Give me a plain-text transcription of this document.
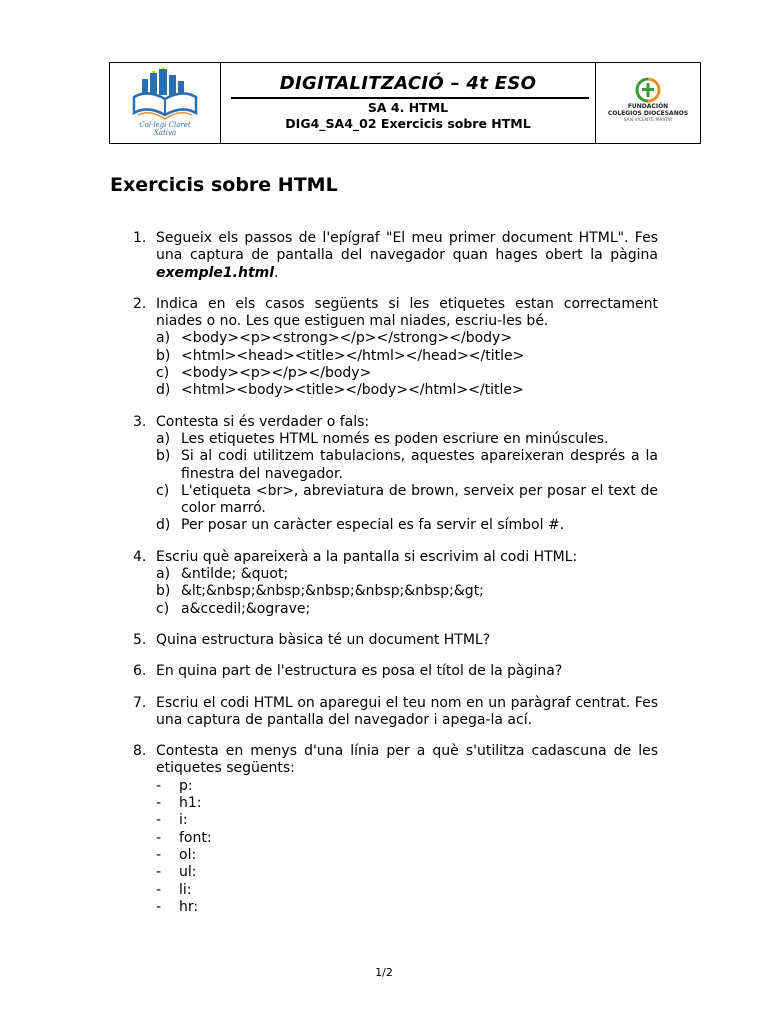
Col·legi Claret
Xàtiva
DIGITALITZACIÓ – 4t ESO
SA 4. HTML
DIG4_SA4_02 Exercicis sobre HTML
FUNDACIÓN
COLEGIOS DIOCESANOS
SAN VICENTE MÀRTIR
Exercicis sobre HTML
1. Segueix els passos de l'epígraf "El meu primer document HTML". Fes una captura de pantalla del navegador quan hages obert la pàgina exemple1.html.
2. Indica en els casos següents si les etiquetes estan correctament niades o no. Les que estiguen mal niades, escriu-les bé.
a) <body><p><strong></p></strong></body>
b) <html><head><title></html></head></title>
c) <body><p></p></body>
d) <html><body><title></body></html></title>
3. Contesta si és verdader o fals:
a) Les etiquetes HTML només es poden escriure en minúscules.
b) Si al codi utilitzem tabulacions, aquestes apareixeran després a la finestra del navegador.
c) L'etiqueta <br>, abreviatura de brown, serveix per posar el text de color marró.
d) Per posar un caràcter especial es fa servir el símbol #.
4. Escriu què apareixerà a la pantalla si escrivim al codi HTML:
a) &ntilde; &quot;
b) &lt;&nbsp;&nbsp;&nbsp;&nbsp;&nbsp;&gt;
c) a&ccedil;&ograve;
5. Quina estructura bàsica té un document HTML?
6. En quina part de l'estructura es posa el títol de la pàgina?
7. Escriu el codi HTML on aparegui el teu nom en un paràgraf centrat. Fes una captura de pantalla del navegador i apega-la ací.
8. Contesta en menys d'una línia per a què s'utilitza cadascuna de les etiquetes següents:
- p:
- h1:
- i:
- font:
- ol:
- ul:
- li:
- hr:
1/2
